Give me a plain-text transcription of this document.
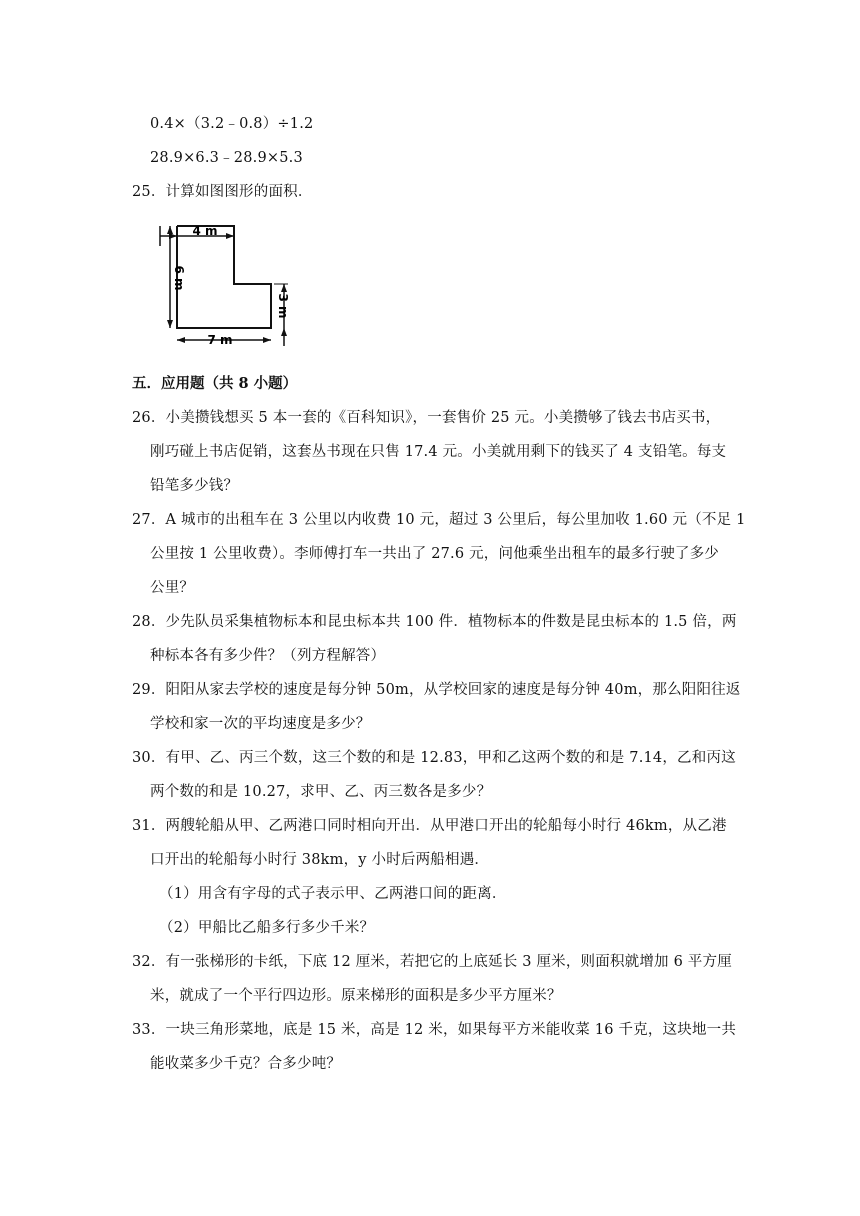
0.4×（3.2﹣0.8）÷1.2
28.9×6.3﹣28.9×5.3
25．计算如图图形的面积．
4 m
6 m
3 m
7 m
五．应用题（共 8 小题）
26．小美攒钱想买 5 本一套的《百科知识》，一套售价 25 元。小美攒够了钱去书店买书，
刚巧碰上书店促销，这套丛书现在只售 17.4 元。小美就用剩下的钱买了 4 支铅笔。每支
铅笔多少钱？
27．A 城市的出租车在 3 公里以内收费 10 元，超过 3 公里后，每公里加收 1.60 元（不足 1
公里按 1 公里收费）。李师傅打车一共出了 27.6 元，问他乘坐出租车的最多行驶了多少
公里？
28．少先队员采集植物标本和昆虫标本共 100 件．植物标本的件数是昆虫标本的 1.5 倍，两
种标本各有多少件？（列方程解答）
29．阳阳从家去学校的速度是每分钟 50m，从学校回家的速度是每分钟 40m，那么阳阳往返
学校和家一次的平均速度是多少？
30．有甲、乙、丙三个数，这三个数的和是 12.83，甲和乙这两个数的和是 7.14，乙和丙这
两个数的和是 10.27，求甲、乙、丙三数各是多少？
31．两艘轮船从甲、乙两港口同时相向开出．从甲港口开出的轮船每小时行 46km，从乙港
口开出的轮船每小时行 38km，y 小时后两船相遇．
（1）用含有字母的式子表示甲、乙两港口间的距离．
（2）甲船比乙船多行多少千米？
32．有一张梯形的卡纸，下底 12 厘米，若把它的上底延长 3 厘米，则面积就增加 6 平方厘
米，就成了一个平行四边形。原来梯形的面积是多少平方厘米？
33．一块三角形菜地，底是 15 米，高是 12 米，如果每平方米能收菜 16 千克，这块地一共
能收菜多少千克？合多少吨？
